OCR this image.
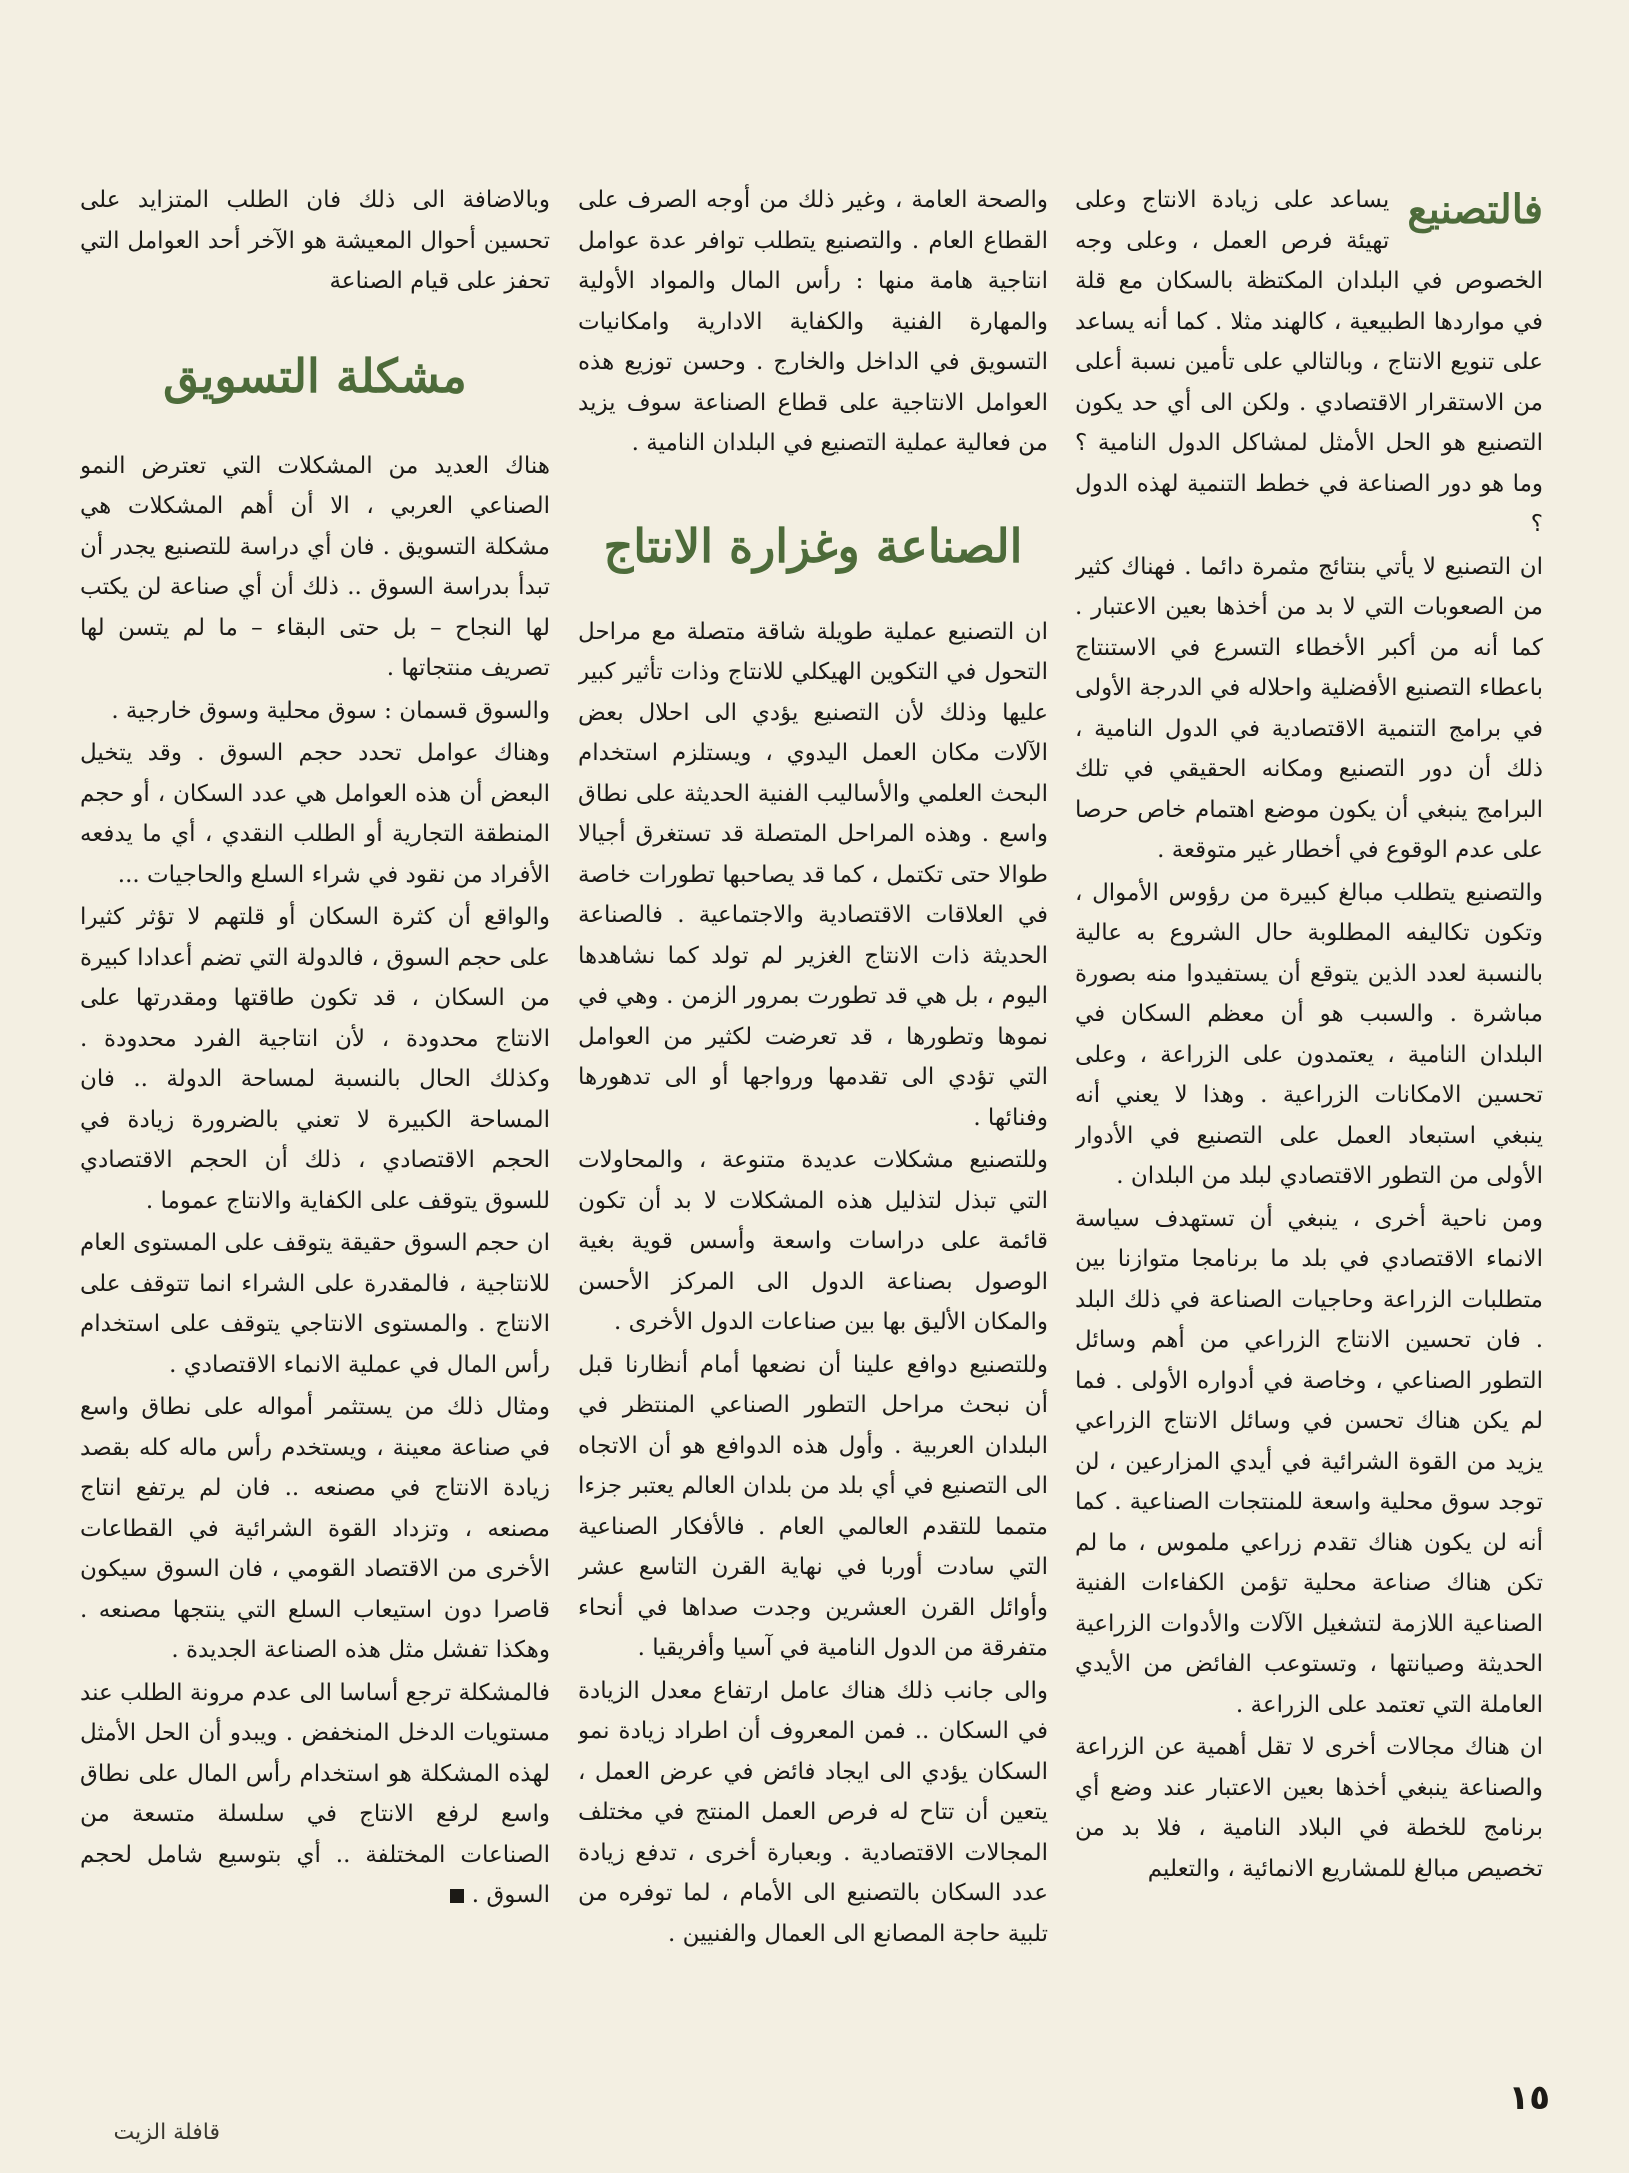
فالتصنيع

يساعد على زيادة الانتاج وعلى تهيئة فرص العمل ، وعلى وجه الخصوص في البلدان المكتظة بالسكان مع قلة في مواردها الطبيعية ، كالهند مثلا . كما أنه يساعد على تنويع الانتاج ، وبالتالي على تأمين نسبة أعلى من الاستقرار الاقتصادي . ولكن الى أي حد يكون التصنيع هو الحل الأمثل لمشاكل الدول النامية ؟ وما هو دور الصناعة في خطط التنمية لهذه الدول ؟

ان التصنيع لا يأتي بنتائج مثمرة دائما . فهناك كثير من الصعوبات التي لا بد من أخذها بعين الاعتبار . كما أنه من أكبر الأخطاء التسرع في الاستنتاج باعطاء التصنيع الأفضلية واحلاله في الدرجة الأولى في برامج التنمية الاقتصادية في الدول النامية ، ذلك أن دور التصنيع ومكانه الحقيقي في تلك البرامج ينبغي أن يكون موضع اهتمام خاص حرصا على عدم الوقوع في أخطار غير متوقعة .

والتصنيع يتطلب مبالغ كبيرة من رؤوس الأموال ، وتكون تكاليفه المطلوبة حال الشروع به عالية بالنسبة لعدد الذين يتوقع أن يستفيدوا منه بصورة مباشرة . والسبب هو أن معظم السكان في البلدان النامية ، يعتمدون على الزراعة ، وعلى تحسين الامكانات الزراعية . وهذا لا يعني أنه ينبغي استبعاد العمل على التصنيع في الأدوار الأولى من التطور الاقتصادي لبلد من البلدان .

ومن ناحية أخرى ، ينبغي أن تستهدف سياسة الانماء الاقتصادي في بلد ما برنامجا متوازنا بين متطلبات الزراعة وحاجيات الصناعة في ذلك البلد . فان تحسين الانتاج الزراعي من أهم وسائل التطور الصناعي ، وخاصة في أدواره الأولى . فما لم يكن هناك تحسن في وسائل الانتاج الزراعي يزيد من القوة الشرائية في أيدي المزارعين ، لن توجد سوق محلية واسعة للمنتجات الصناعية . كما أنه لن يكون هناك تقدم زراعي ملموس ، ما لم تكن هناك صناعة محلية تؤمن الكفاءات الفنية الصناعية اللازمة لتشغيل الآلات والأدوات الزراعية الحديثة وصيانتها ، وتستوعب الفائض من الأيدي العاملة التي تعتمد على الزراعة .

ان هناك مجالات أخرى لا تقل أهمية عن الزراعة والصناعة ينبغي أخذها بعين الاعتبار عند وضع أي برنامج للخطة في البلاد النامية ، فلا بد من تخصيص مبالغ للمشاريع الانمائية ، والتعليم

والصحة العامة ، وغير ذلك من أوجه الصرف على القطاع العام . والتصنيع يتطلب توافر عدة عوامل انتاجية هامة منها : رأس المال والمواد الأولية والمهارة الفنية والكفاية الادارية وامكانيات التسويق في الداخل والخارج . وحسن توزيع هذه العوامل الانتاجية على قطاع الصناعة سوف يزيد من فعالية عملية التصنيع في البلدان النامية .

الصناعة وغزارة الانتاج

ان التصنيع عملية طويلة شاقة متصلة مع مراحل التحول في التكوين الهيكلي للانتاج وذات تأثير كبير عليها وذلك لأن التصنيع يؤدي الى احلال بعض الآلات مكان العمل اليدوي ، ويستلزم استخدام البحث العلمي والأساليب الفنية الحديثة على نطاق واسع . وهذه المراحل المتصلة قد تستغرق أجيالا طوالا حتى تكتمل ، كما قد يصاحبها تطورات خاصة في العلاقات الاقتصادية والاجتماعية . فالصناعة الحديثة ذات الانتاج الغزير لم تولد كما نشاهدها اليوم ، بل هي قد تطورت بمرور الزمن . وهي في نموها وتطورها ، قد تعرضت لكثير من العوامل التي تؤدي الى تقدمها ورواجها أو الى تدهورها وفنائها .

وللتصنيع مشكلات عديدة متنوعة ، والمحاولات التي تبذل لتذليل هذه المشكلات لا بد أن تكون قائمة على دراسات واسعة وأسس قوية بغية الوصول بصناعة الدول الى المركز الأحسن والمكان الأليق بها بين صناعات الدول الأخرى .

وللتصنيع دوافع علينا أن نضعها أمام أنظارنا قبل أن نبحث مراحل التطور الصناعي المنتظر في البلدان العربية . وأول هذه الدوافع هو أن الاتجاه الى التصنيع في أي بلد من بلدان العالم يعتبر جزءا متمما للتقدم العالمي العام . فالأفكار الصناعية التي سادت أوربا في نهاية القرن التاسع عشر وأوائل القرن العشرين وجدت صداها في أنحاء متفرقة من الدول النامية في آسيا وأفريقيا .

والى جانب ذلك هناك عامل ارتفاع معدل الزيادة في السكان .. فمن المعروف أن اطراد زيادة نمو السكان يؤدي الى ايجاد فائض في عرض العمل ، يتعين أن تتاح له فرص العمل المنتج في مختلف المجالات الاقتصادية . وبعبارة أخرى ، تدفع زيادة عدد السكان بالتصنيع الى الأمام ، لما توفره من تلبية حاجة المصانع الى العمال والفنيين .

وبالاضافة الى ذلك فان الطلب المتزايد على تحسين أحوال المعيشة هو الآخر أحد العوامل التي تحفز على قيام الصناعة

مشكلة التسويق

هناك العديد من المشكلات التي تعترض النمو الصناعي العربي ، الا أن أهم المشكلات هي مشكلة التسويق . فان أي دراسة للتصنيع يجدر أن تبدأ بدراسة السوق .. ذلك أن أي صناعة لن يكتب لها النجاح – بل حتى البقاء – ما لم يتسن لها تصريف منتجاتها .

والسوق قسمان : سوق محلية وسوق خارجية .

وهناك عوامل تحدد حجم السوق . وقد يتخيل البعض أن هذه العوامل هي عدد السكان ، أو حجم المنطقة التجارية أو الطلب النقدي ، أي ما يدفعه الأفراد من نقود في شراء السلع والحاجيات ...

والواقع أن كثرة السكان أو قلتهم لا تؤثر كثيرا على حجم السوق ، فالدولة التي تضم أعدادا كبيرة من السكان ، قد تكون طاقتها ومقدرتها على الانتاج محدودة ، لأن انتاجية الفرد محدودة . وكذلك الحال بالنسبة لمساحة الدولة .. فان المساحة الكبيرة لا تعني بالضرورة زيادة في الحجم الاقتصادي ، ذلك أن الحجم الاقتصادي للسوق يتوقف على الكفاية والانتاج عموما .

ان حجم السوق حقيقة يتوقف على المستوى العام للانتاجية ، فالمقدرة على الشراء انما تتوقف على الانتاج . والمستوى الانتاجي يتوقف على استخدام رأس المال في عملية الانماء الاقتصادي .

ومثال ذلك من يستثمر أمواله على نطاق واسع في صناعة معينة ، ويستخدم رأس ماله كله بقصد زيادة الانتاج في مصنعه .. فان لم يرتفع انتاج مصنعه ، وتزداد القوة الشرائية في القطاعات الأخرى من الاقتصاد القومي ، فان السوق سيكون قاصرا دون استيعاب السلع التي ينتجها مصنعه . وهكذا تفشل مثل هذه الصناعة الجديدة .

فالمشكلة ترجع أساسا الى عدم مرونة الطلب عند مستويات الدخل المنخفض . ويبدو أن الحل الأمثل لهذه المشكلة هو استخدام رأس المال على نطاق واسع لرفع الانتاج في سلسلة متسعة من الصناعات المختلفة .. أي بتوسيع شامل لحجم السوق .

١٥
قافلة الزيت
